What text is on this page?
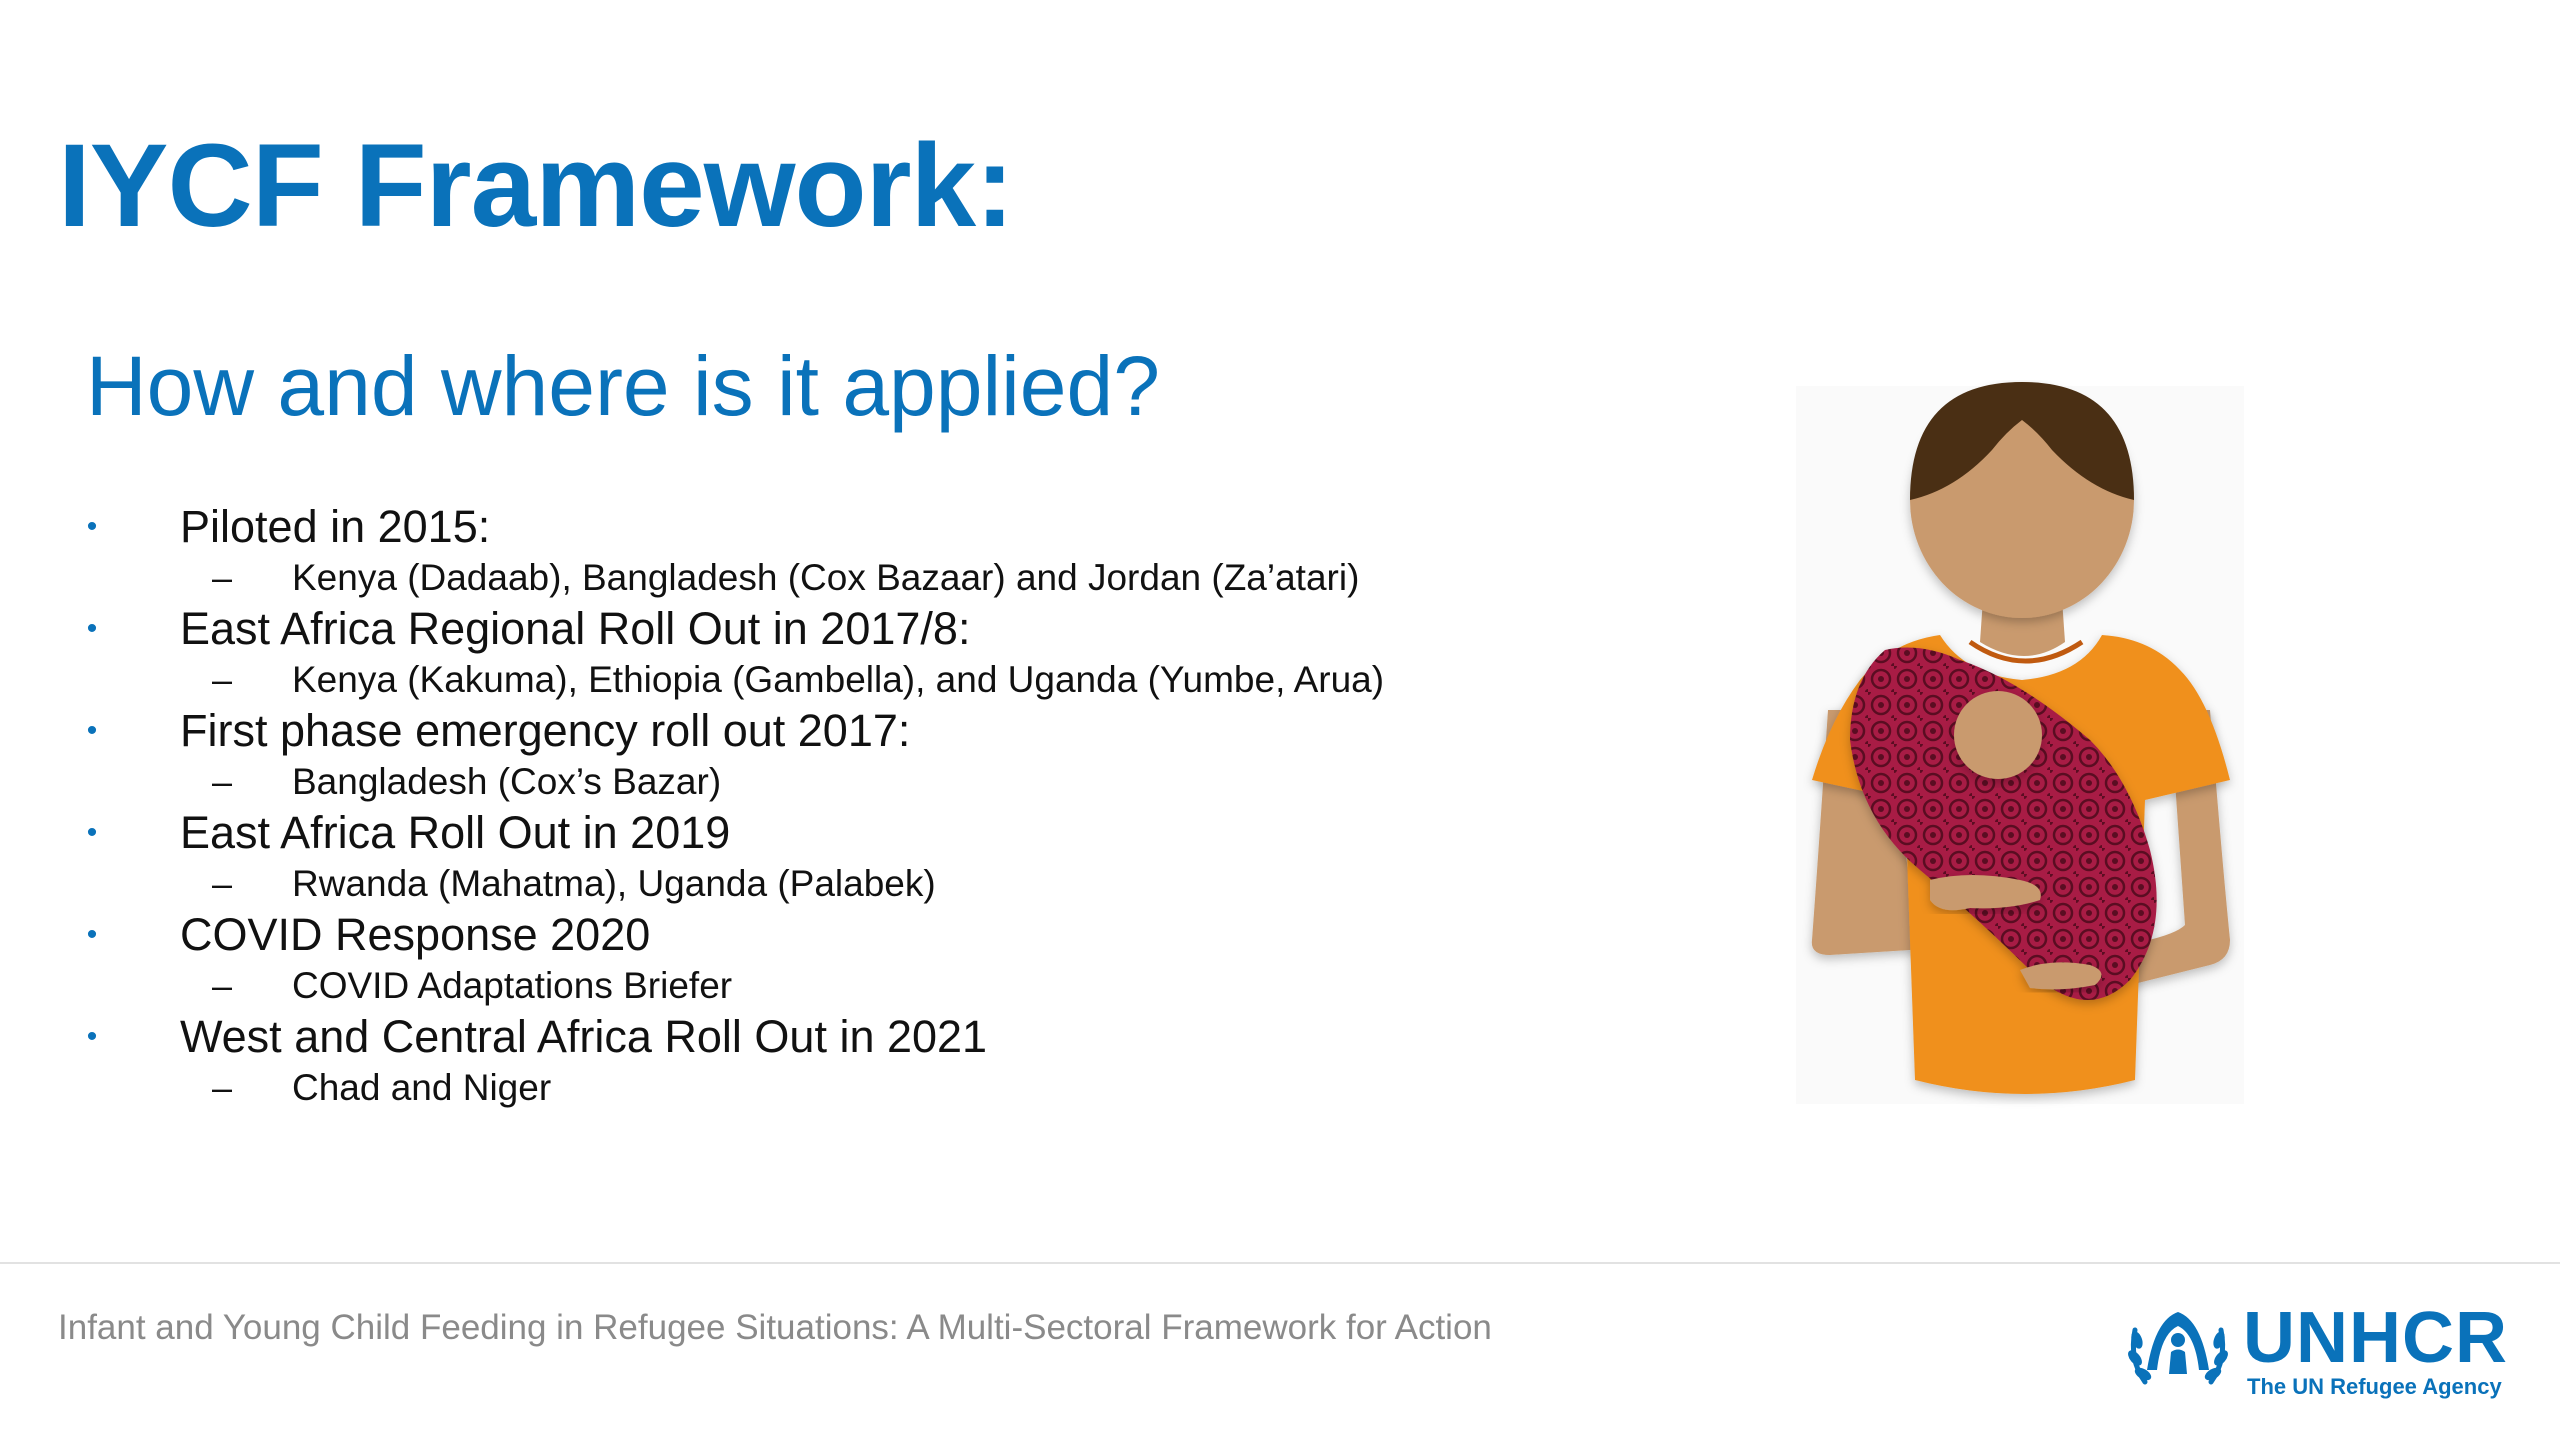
IYCF Framework:
How and where is it applied?
• Piloted in 2015:
– Kenya (Dadaab), Bangladesh (Cox Bazaar) and Jordan (Za’atari)
• East Africa Regional Roll Out in 2017/8:
– Kenya (Kakuma), Ethiopia (Gambella), and Uganda (Yumbe, Arua)
• First phase emergency roll out 2017:
– Bangladesh (Cox’s Bazar)
• East Africa Roll Out in 2019
– Rwanda (Mahatma), Uganda (Palabek)
• COVID Response 2020
– COVID Adaptations Briefer
• West and Central Africa Roll Out in 2021
– Chad and Niger
Infant and Young Child Feeding in Refugee Situations: A Multi-Sectoral Framework for Action	UNHCR
The UN Refugee Agency
